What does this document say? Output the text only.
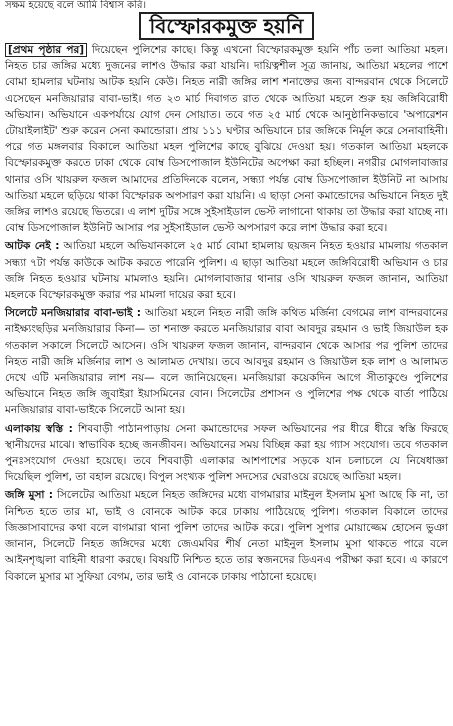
সক্ষম হয়েছে বলে আমি বিশ্বাস করি।
বিস্ফোরকমুক্ত হয়নি

[প্রথম পৃষ্ঠার পর] দিয়েছেন পুলিশের কাছে। কিন্তু এখনো বিস্ফোরকমুক্ত হয়নি পাঁচ তলা আতিয়া মহল। নিহত চার জঙ্গির মধ্যে দুজনের লাশও উদ্ধার করা যায়নি। দায়িত্বশীল সূত্র জানায়, আতিয়া মহলের পাশে বোমা হামলার ঘটনায় আটক হয়নি কেউ। নিহত নারী জঙ্গির লাশ শনাক্তের জন্য বান্দরবান থেকে সিলেটে এসেছেন মনজিয়ারার বাবা-ভাই। গত ২৩ মার্চ দিবাগত রাত থেকে আতিয়া মহলে শুরু হয় জঙ্গিবিরোধী অভিযান। অভিযানে একপর্যায়ে যোগ দেন সোয়াত। তবে গত ২৫ মার্চ থেকে আনুষ্ঠানিকভাবে 'অপারেশন টোয়াইলাইট' শুরু করেন সেনা কমান্ডোরা। প্রায় ১১১ ঘণ্টার অভিযানে চার জঙ্গিকে নির্মূল করে সেনাবাহিনী। পরে গত মঙ্গলবার বিকালে আতিয়া মহল পুলিশের কাছে বুঝিয়ে দেওয়া হয়। গতকাল আতিয়া মহলকে বিস্ফোরকমুক্ত করতে ঢাকা থেকে বোম্ব ডিসপোজাল ইউনিটের অপেক্ষা করা হচ্ছিল। নগরীর মোগলাবাজার থানার ওসি খায়রুল ফজল আমাদের প্রতিদিনকে বলেন, সন্ধ্যা পর্যন্ত বোম্ব ডিসপোজাল ইউনিট না আসায় আতিয়া মহলে ছড়িয়ে থাকা বিস্ফোরক অপসারণ করা যায়নি। এ ছাড়া সেনা কমান্ডোদের অভিযানে নিহত দুই জঙ্গির লাশও রয়েছে ভিতরে। এ লাশ দুটির সঙ্গে সুইসাইডাল ভেস্ট লাগানো থাকায় তা উদ্ধার করা যাচ্ছে না। বোম্ব ডিসপোজাল ইউনিট আসার পর সুইসাইডাল ভেস্ট অপসারণ করে লাশ উদ্ধার করা হবে।

আটক নেই : আতিয়া মহলে অভিযানকালে ২৫ মার্চ বোমা হামলায় ছয়জন নিহত হওয়ার মামলায় গতকাল সন্ধ্যা ৭টা পর্যন্ত কাউকে আটক করতে পারেনি পুলিশ। এ ছাড়া আতিয়া মহলে জঙ্গিবিরোধী অভিযান ও চার জঙ্গি নিহত হওয়ার ঘটনায় মামলাও হয়নি। মোগলাবাজার থানার ওসি খায়রুল ফজল জানান, আতিয়া মহলকে বিস্ফোরকমুক্ত করার পর মামলা দায়ের করা হবে।

সিলেটে মনজিয়ারার বাবা-ভাই : আতিয়া মহলে নিহত নারী জঙ্গি কথিত মর্জিনা বেগমের লাশ বান্দরবানের নাইক্ষ্যংছড়ির মনজিয়ারার কিনা— তা শনাক্ত করতে মনজিয়ারার বাবা আবদুর রহমান ও ভাই জিয়াউল হক গতকাল সকালে সিলেটে আসেন। ওসি খায়রুল ফজল জানান, বান্দরবান থেকে আসার পর পুলিশ তাদের নিহত নারী জঙ্গি মর্জিনার লাশ ও আলামত দেখায়। তবে আবদুর রহমান ও জিয়াউল হক লাশ ও আলামত দেখে এটি মনজিয়ারার লাশ নয়— বলে জানিয়েছেন। মনজিয়ারা কয়েকদিন আগে সীতাকুণ্ডে পুলিশের অভিযানে নিহত জঙ্গি জুবাইরা ইয়াসমিনের বোন। সিলেটের প্রশাসন ও পুলিশের পক্ষ থেকে বার্তা পাঠিয়ে মনজিয়ারার বাবা-ভাইকে সিলেটে আনা হয়।

এলাকায় স্বস্তি : শিববাড়ী পাঠানপাড়ায় সেনা কমান্ডোদের সফল অভিযানের পর ধীরে ধীরে স্বস্তি ফিরছে স্থানীয়দের মাঝে। স্বাভাবিক হচ্ছে জনজীবন। অভিযানের সময় বিচ্ছিন্ন করা হয় গ্যাস সংযোগ। তবে গতকাল পুনঃসংযোগ দেওয়া হয়েছে। তবে শিববাড়ী এলাকার আশপাশের সড়কে যান চলাচলে যে নিষেধাজ্ঞা দিয়েছিল পুলিশ, তা বহাল রয়েছে। বিপুল সংখ্যক পুলিশ সদস্যের ঘেরাওয়ে রয়েছে আতিয়া মহল।

জঙ্গি মুসা : সিলেটের আতিয়া মহলে নিহত জঙ্গিদের মধ্যে বাগমারার মাইনুল ইসলাম মুসা আছে কি না, তা নিশ্চিত হতে তার মা, ভাই ও বোনকে আটক করে ঢাকায় পাঠিয়েছে পুলিশ। গতকাল বিকালে তাদের জিজ্ঞাসাবাদের কথা বলে বাগমারা থানা পুলিশ তাদের আটক করে। পুলিশ সুপার মোয়াজ্জেম হোসেন ভুঞা জানান, সিলেটে নিহত জঙ্গিদের মধ্যে জেএমবির শীর্ষ নেতা মাইনুল ইসলাম মুসা থাকতে পারে বলে আইনশৃঙ্খলা বাহিনী ধারণা করছে। বিষয়টি নিশ্চিত হতে তার স্বজনদের ডিএনএ পরীক্ষা করা হবে। এ কারণে বিকালে মুসার মা সুফিয়া বেগম, তার ভাই ও বোনকে ঢাকায় পাঠানো হয়েছে।
